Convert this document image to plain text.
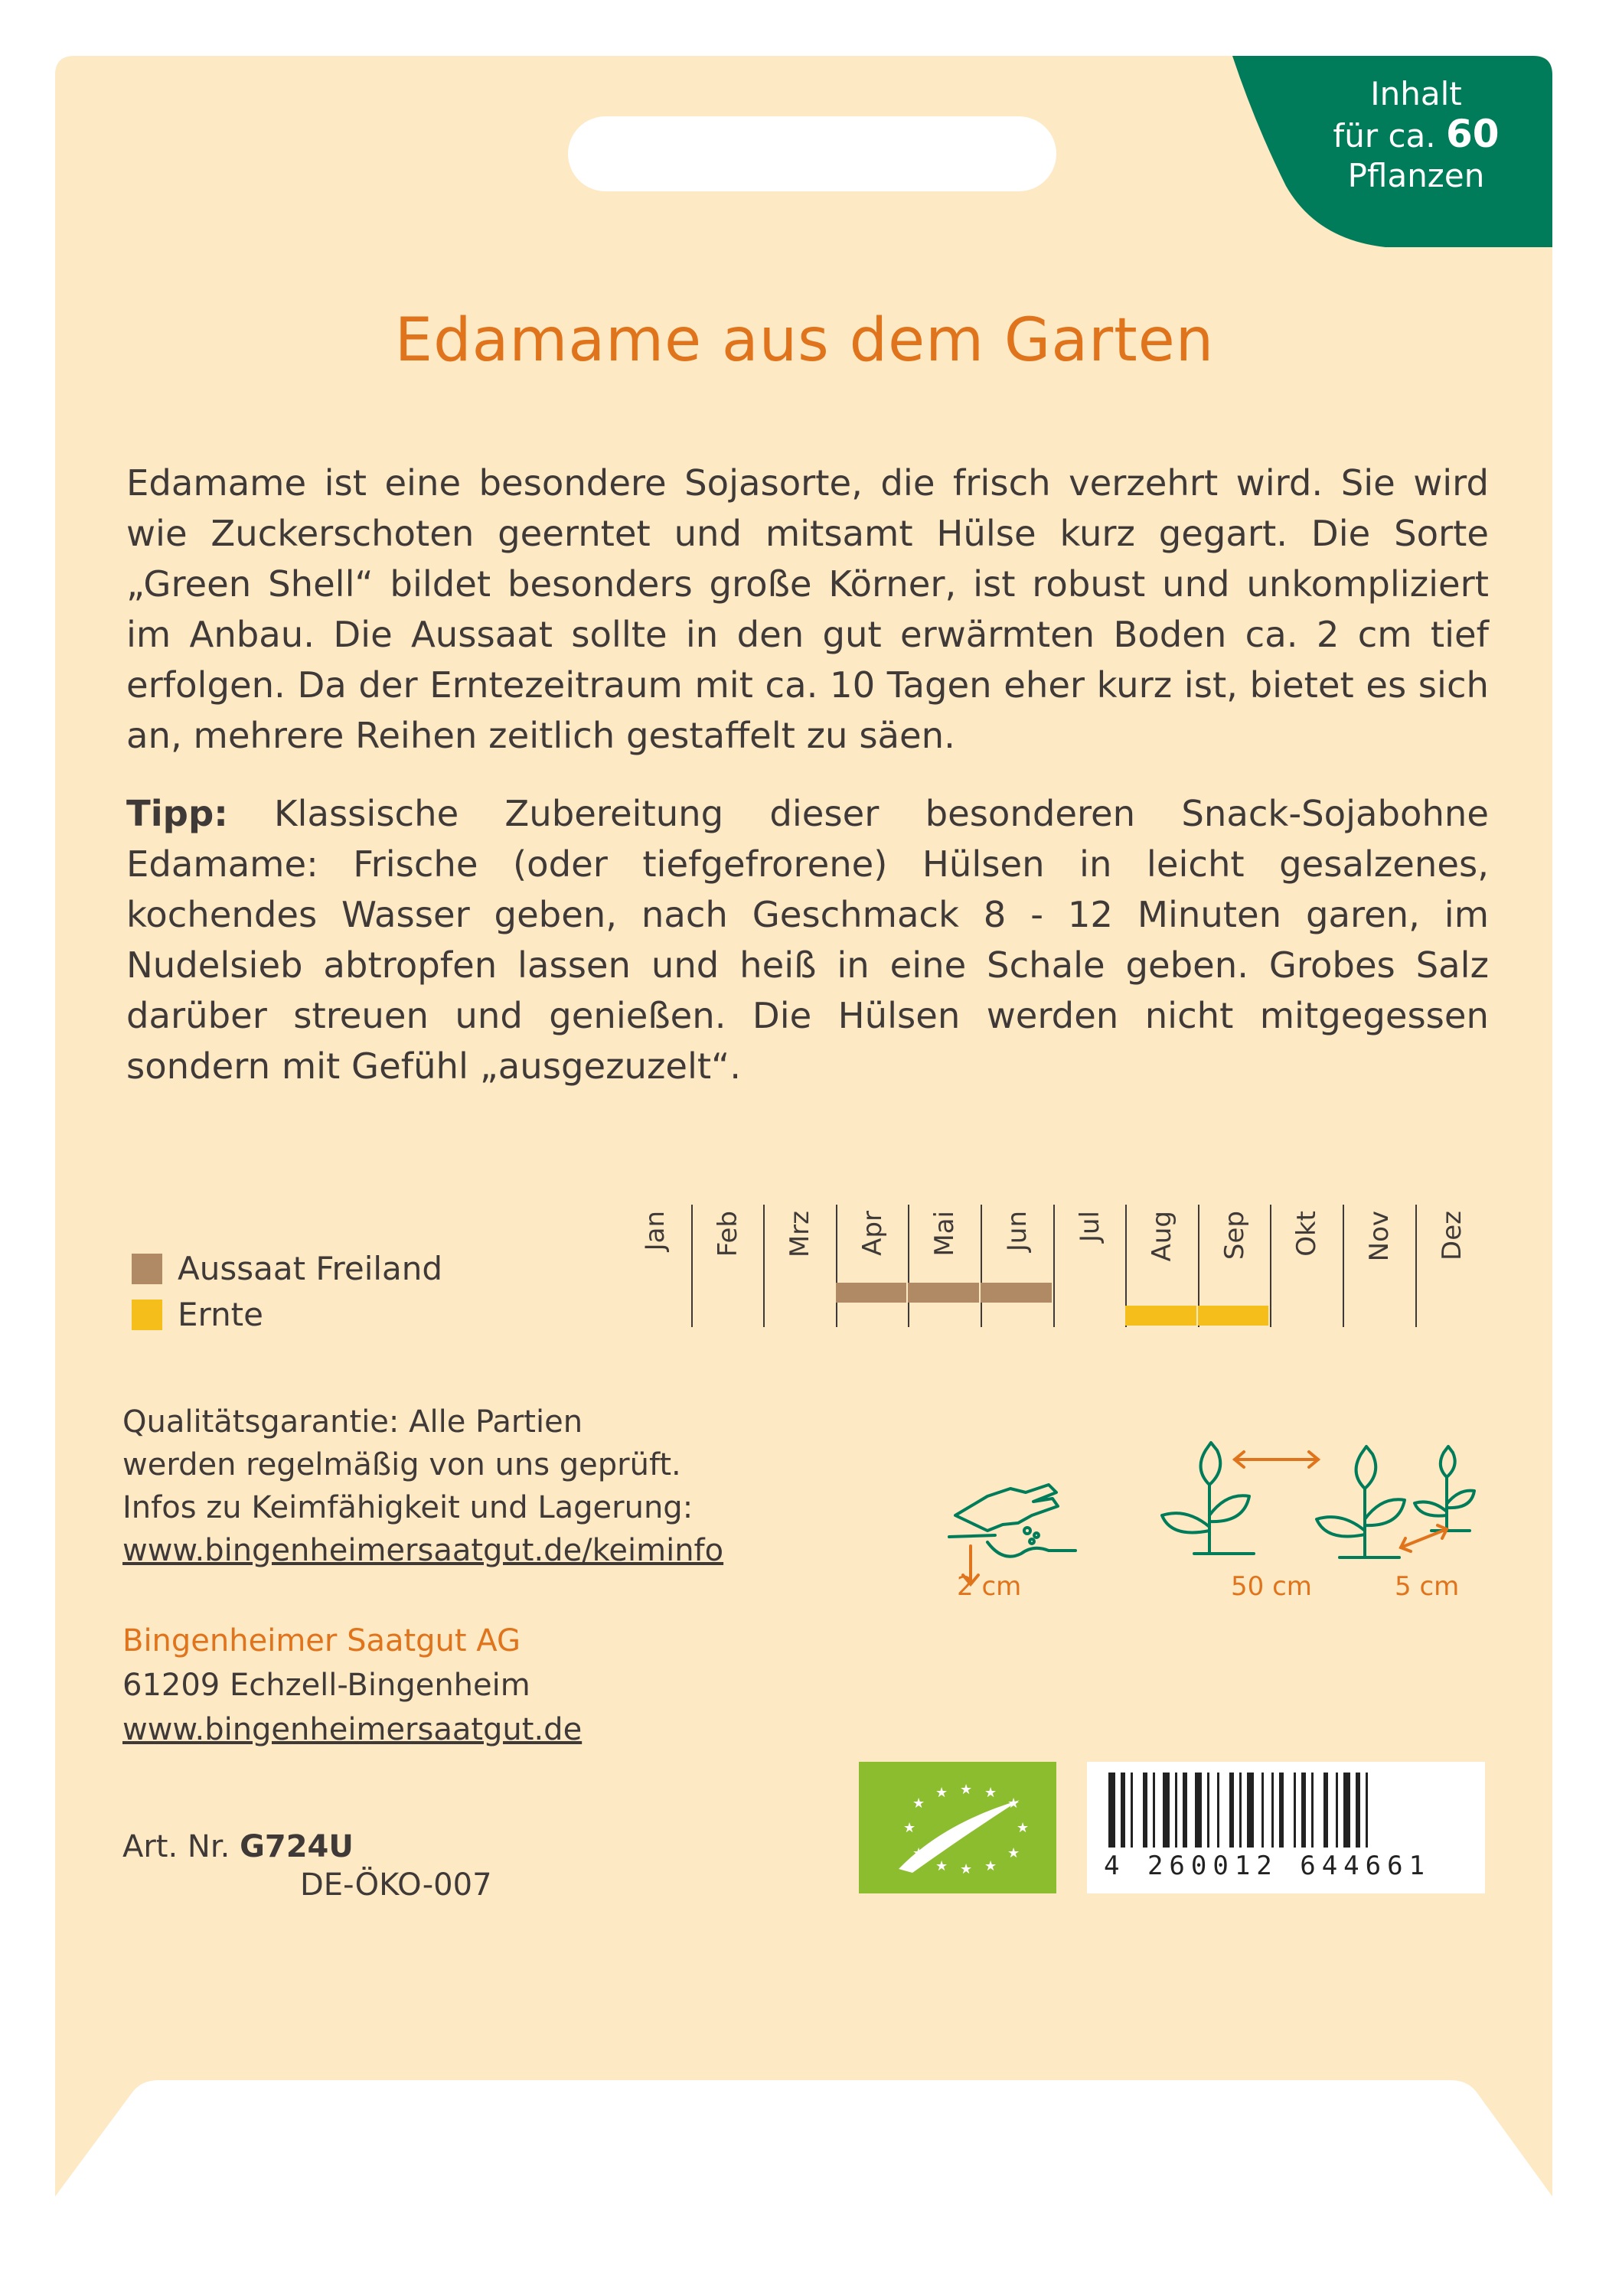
Inhalt
für ca. 60
Pflanzen
Edamame aus dem Garten
Edamame ist eine besondere Sojasorte, die frisch verzehrt wird. Sie wird wie Zuckerschoten geerntet und mitsamt Hülse kurz gegart. Die Sorte „Green Shell“ bildet besonders große Körner, ist robust und unkompliziert im Anbau. Die Aussaat sollte in den gut erwärmten Boden ca. 2 cm tief erfolgen. Da der Erntezeitraum mit ca. 10 Tagen eher kurz ist, bietet es sich an, mehrere Reihen zeitlich gestaffelt zu säen.
Tipp: Klassische Zubereitung dieser besonderen Snack-Sojabohne Edamame: Frische (oder tiefgefrorene) Hülsen in leicht gesalzenes, kochendes Wasser geben, nach Geschmack 8 - 12 Minuten garen, im Nudelsieb abtropfen lassen und heiß in eine Schale geben. Grobes Salz darüber streuen und genießen. Die Hülsen werden nicht mitgegessen sondern mit Gefühl „ausgezuzelt“.
Aussaat Freiland
Ernte
Jan Feb Mrz Apr Mai Jun Jul Aug Sep Okt Nov Dez
Qualitätsgarantie: Alle Partien
werden regelmäßig von uns geprüft.
Infos zu Keimfähigkeit und Lagerung:
www.bingenheimersaatgut.de/keiminfo
2 cm	50 cm	5 cm
Bingenheimer Saatgut AG
61209 Echzell-Bingenheim
www.bingenheimersaatgut.de
Art. Nr. G724U
DE-ÖKO-007
★
★ ★ ★
★
★	★
★	★
★ ★ ★	4 260012 644661
